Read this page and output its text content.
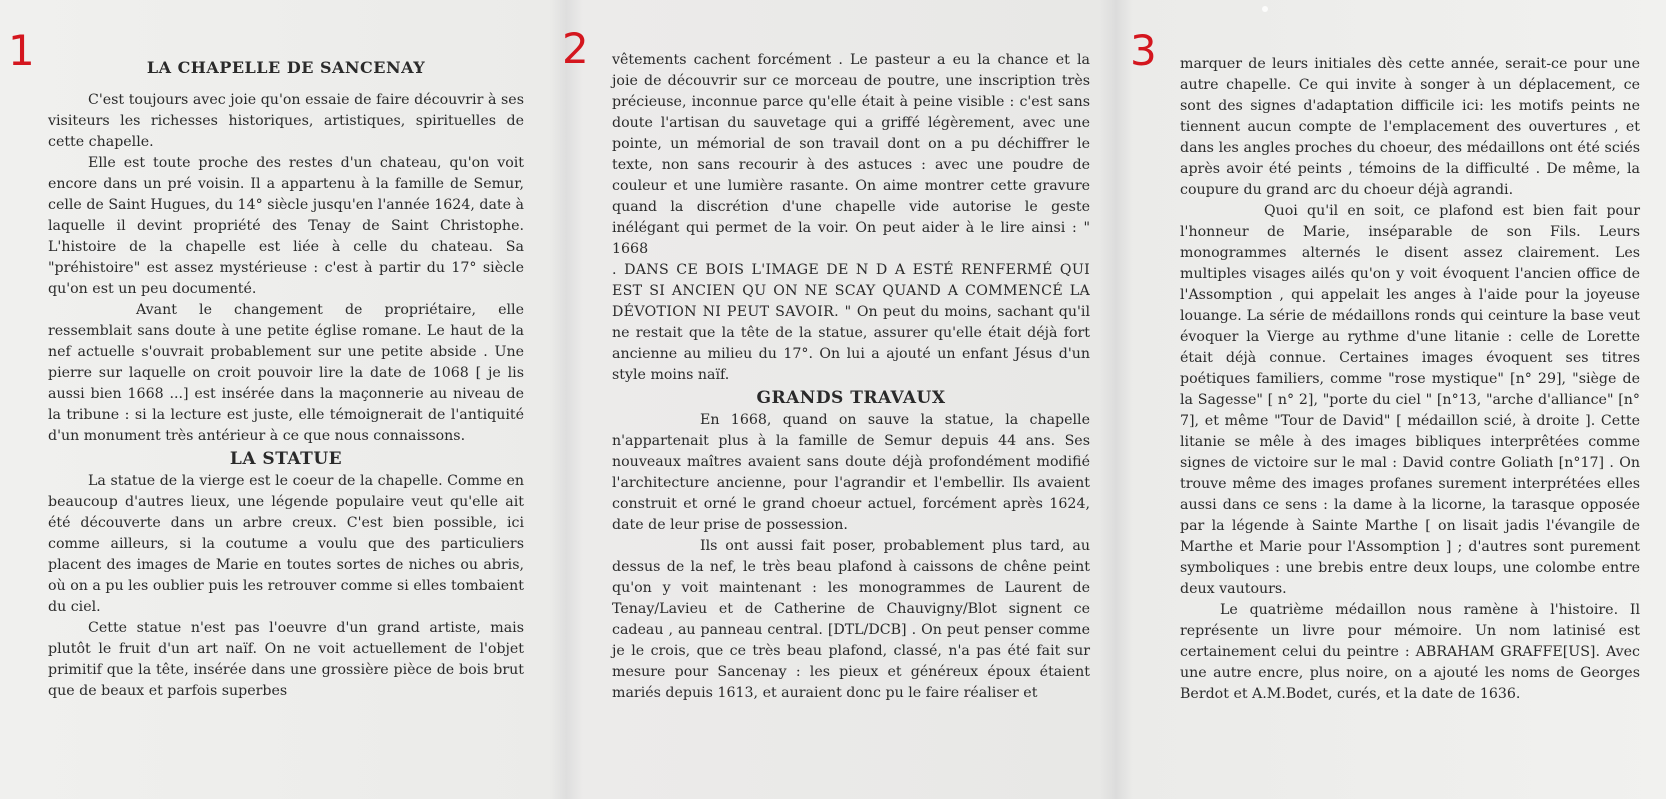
1	2	3
LA CHAPELLE DE SANCENAY

C'est toujours avec joie qu'on essaie de faire découvrir à ses visiteurs les richesses historiques, artistiques, spirituelles de cette chapelle.

Elle est toute proche des restes d'un chateau, qu'on voit encore dans un pré voisin. Il a appartenu à la famille de Semur, celle de Saint Hugues, du 14° siècle jusqu'en l'année 1624, date à laquelle il devint propriété des Tenay de Saint Christophe. L'histoire de la chapelle est liée à celle du chateau. Sa "préhistoire" est assez mystérieuse : c'est à partir du 17° siècle qu'on est un peu documenté.

Avant le changement de propriétaire, elle ressemblait sans doute à une petite église romane. Le haut de la nef actuelle s'ouvrait probablement sur une petite abside . Une pierre sur laquelle on croit pouvoir lire la date de 1068 [ je lis aussi bien 1668 ...] est insérée dans la maçonnerie au niveau de la tribune : si la lecture est juste, elle témoignerait de l'antiquité d'un monument très antérieur à ce que nous connaissons.

LA STATUE

La statue de la vierge est le coeur de la chapelle. Comme en beaucoup d'autres lieux, une légende populaire veut qu'elle ait été découverte dans un arbre creux. C'est bien possible, ici comme ailleurs, si la coutume a voulu que des particuliers placent des images de Marie en toutes sortes de niches ou abris, où on a pu les oublier puis les retrouver comme si elles tombaient du ciel.

Cette statue n'est pas l'oeuvre d'un grand artiste, mais plutôt le fruit d'un art naïf. On ne voit actuellement de l'objet primitif que la tête, insérée dans une grossière pièce de bois brut que de beaux et parfois superbes

vêtements cachent forcément . Le pasteur a eu la chance et la joie de découvrir sur ce morceau de poutre, une inscription très précieuse, inconnue parce qu'elle était à peine visible : c'est sans doute l'artisan du sauvetage qui a griffé légèrement, avec une pointe, un mémorial de son travail dont on a pu déchiffrer le texte, non sans recourir à des astuces : avec une poudre de couleur et une lumière rasante. On aime montrer cette gravure quand la discrétion d'une chapelle vide autorise le geste inélégant qui permet de la voir. On peut aider à le lire ainsi : " 1668
. DANS CE BOIS L'IMAGE DE N D A ESTÉ RENFERMÉ QUI EST SI ANCIEN QU ON NE SCAY QUAND A COMMENCÉ LA DÉVOTION NI PEUT SAVOIR. " On peut du moins, sachant qu'il ne restait que la tête de la statue, assurer qu'elle était déjà fort ancienne au milieu du 17°. On lui a ajouté un enfant Jésus d'un style moins naïf.

GRANDS TRAVAUX

En 1668, quand on sauve la statue, la chapelle n'appartenait plus à la famille de Semur depuis 44 ans. Ses nouveaux maîtres avaient sans doute déjà profondément modifié l'architecture ancienne, pour l'agrandir et l'embellir. Ils avaient construit et orné le grand choeur actuel, forcément après 1624, date de leur prise de possession.

Ils ont aussi fait poser, probablement plus tard, au dessus de la nef, le très beau plafond à caissons de chêne peint qu'on y voit maintenant : les monogrammes de Laurent de Tenay/Lavieu et de Catherine de Chauvigny/Blot signent ce cadeau , au panneau central. [DTL/DCB] . On peut penser comme je le crois, que ce très beau plafond, classé, n'a pas été fait sur mesure pour Sancenay : les pieux et généreux époux étaient mariés depuis 1613, et auraient donc pu le faire réaliser et

marquer de leurs initiales dès cette année, serait-ce pour une autre chapelle. Ce qui invite à songer à un déplacement, ce sont des signes d'adaptation difficile ici: les motifs peints ne tiennent aucun compte de l'emplacement des ouvertures , et dans les angles proches du choeur, des médaillons ont été sciés après avoir été peints , témoins de la difficulté . De même, la coupure du grand arc du choeur déjà agrandi.

Quoi qu'il en soit, ce plafond est bien fait pour l'honneur de Marie, inséparable de son Fils. Leurs monogrammes alternés le disent assez clairement. Les multiples visages ailés qu'on y voit évoquent l'ancien office de l'Assomption , qui appelait les anges à l'aide pour la joyeuse louange. La série de médaillons ronds qui ceinture la base veut évoquer la Vierge au rythme d'une litanie : celle de Lorette était déjà connue. Certaines images évoquent ses titres poétiques familiers, comme "rose mystique" [n° 29], "siège de la Sagesse" [ n° 2], "porte du ciel " [n°13, "arche d'alliance" [n° 7], et même "Tour de David" [ médaillon scié, à droite ]. Cette litanie se mêle à des images bibliques interprêtées comme signes de victoire sur le mal : David contre Goliath [n°17] . On trouve même des images profanes surement interprétées elles aussi dans ce sens : la dame à la licorne, la tarasque opposée par la légende à Sainte Marthe [ on lisait jadis l'évangile de Marthe et Marie pour l'Assomption ] ; d'autres sont purement symboliques : une brebis entre deux loups, une colombe entre deux vautours.

Le quatrième médaillon nous ramène à l'histoire. Il représente un livre pour mémoire. Un nom latinisé est certainement celui du peintre : ABRAHAM GRAFFE[US]. Avec une autre encre, plus noire, on a ajouté les noms de Georges Berdot et A.M.Bodet, curés, et la date de 1636.
